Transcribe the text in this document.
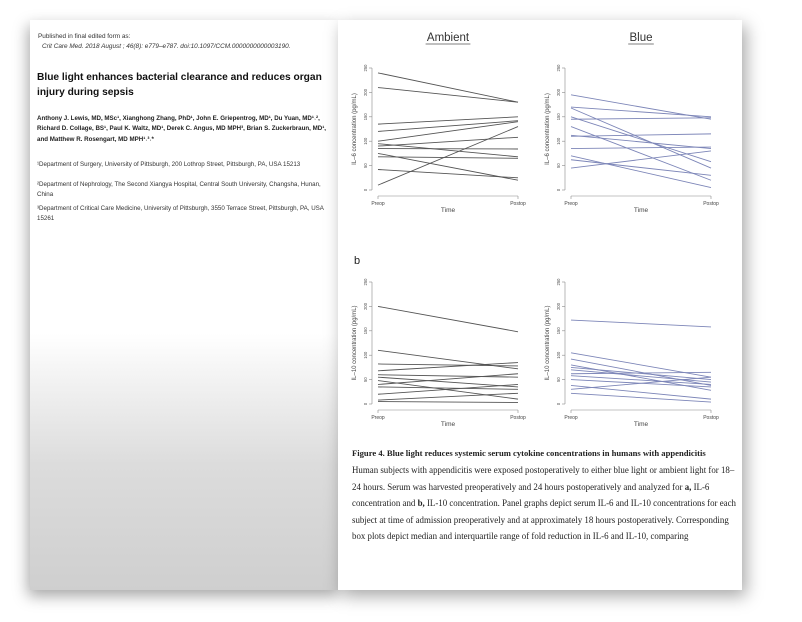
Published in final edited form as:
Crit Care Med. 2018 August ; 46(8): e779–e787. doi:10.1097/CCM.0000000000003190.
Blue light enhances bacterial clearance and reduces organ injury during sepsis
Anthony J. Lewis, MD, MSc¹, Xianghong Zhang, PhD¹, John E. Griepentrog, MD¹, Du Yuan, MD¹˒², Richard D. Collage, BS¹, Paul K. Waltz, MD¹, Derek C. Angus, MD MPH³, Brian S. Zuckerbraun, MD¹, and Matthew R. Rosengart, MD MPH¹˒³˒*
¹Department of Surgery, University of Pittsburgh, 200 Lothrop Street, Pittsburgh, PA, USA 15213
²Department of Nephrology, The Second Xiangya Hospital, Central South University, Changsha, Hunan, China
³Department of Critical Care Medicine, University of Pittsburgh, 3550 Terrace Street, Pittsburgh, PA, USA 15261
b
Ambient
250
200
150
100
50
0
IL–6 concentration (pg/mL)
Preop	Postop
Time
Blue
250
200
150
100
50
0
IL–6 concentration (pg/mL)
Preop	Postop
Time
250
200
150
100
50
0
IL–10 concentration (pg/mL)
Preop	Postop
Time
250
200
150
100
50
0
IL–10 concentration (pg/mL)
Preop	Postop
Time
Figure 4. Blue light reduces systemic serum cytokine concentrations in humans with appendicitis
Human subjects with appendicitis were exposed postoperatively to either blue light or ambient light for 18–24 hours. Serum was harvested preoperatively and 24 hours postoperatively and analyzed for a, IL-6 concentration and b, IL-10 concentration. Panel graphs depict serum IL-6 and IL-10 concentrations for each subject at time of admission preoperatively and at approximately 18 hours postoperatively. Corresponding box plots depict median and interquartile range of fold reduction in IL-6 and IL-10, comparing
